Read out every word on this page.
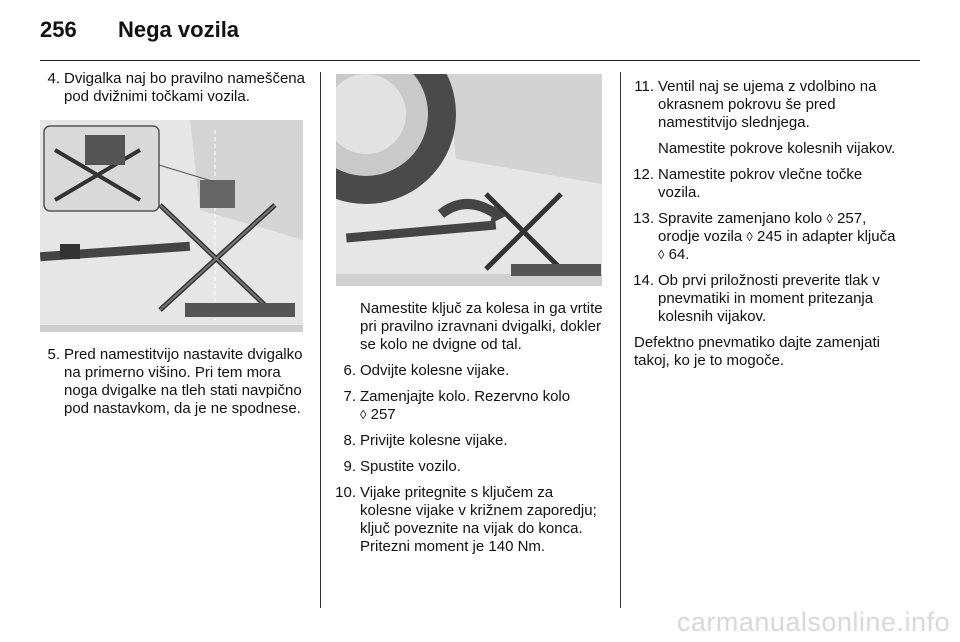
256 Nega vozila
4. Dvigalka naj bo pravilno nameščena pod dvižnimi točkami vozila.
5. Pred namestitvijo nastavite dvigalko na primerno višino. Pri tem mora noga dvigalke na tleh stati navpično pod nastavkom, da je ne spodnese.

Namestite ključ za kolesa in ga vrtite pri pravilno izravnani dvigalki, dokler se kolo ne dvigne od tal.

6. Odvijte kolesne vijake.
7. Zamenjajte kolo. Rezervno kolo
◊ 257
8. Privijte kolesne vijake.
9. Spustite vozilo.
10. Vijake pritegnite s ključem za kolesne vijake v križnem zaporedju; ključ poveznite na vijak do konca. Pritezni moment je 140 Nm.
11. Ventil naj se ujema z vdolbino na okrasnem pokrovu še pred namestitvijo slednjega.

Namestite pokrove kolesnih vijakov.

12. Namestite pokrov vlečne točke vozila.
13. Spravite zamenjano kolo ◊ 257, orodje vozila ◊ 245 in adapter ključa ◊ 64.
14. Ob prvi priložnosti preverite tlak v pnevmatiki in moment pritezanja kolesnih vijakov.

Defektno pnevmatiko dajte zamenjati takoj, ko je to mogoče.

carmanualsonline.info
